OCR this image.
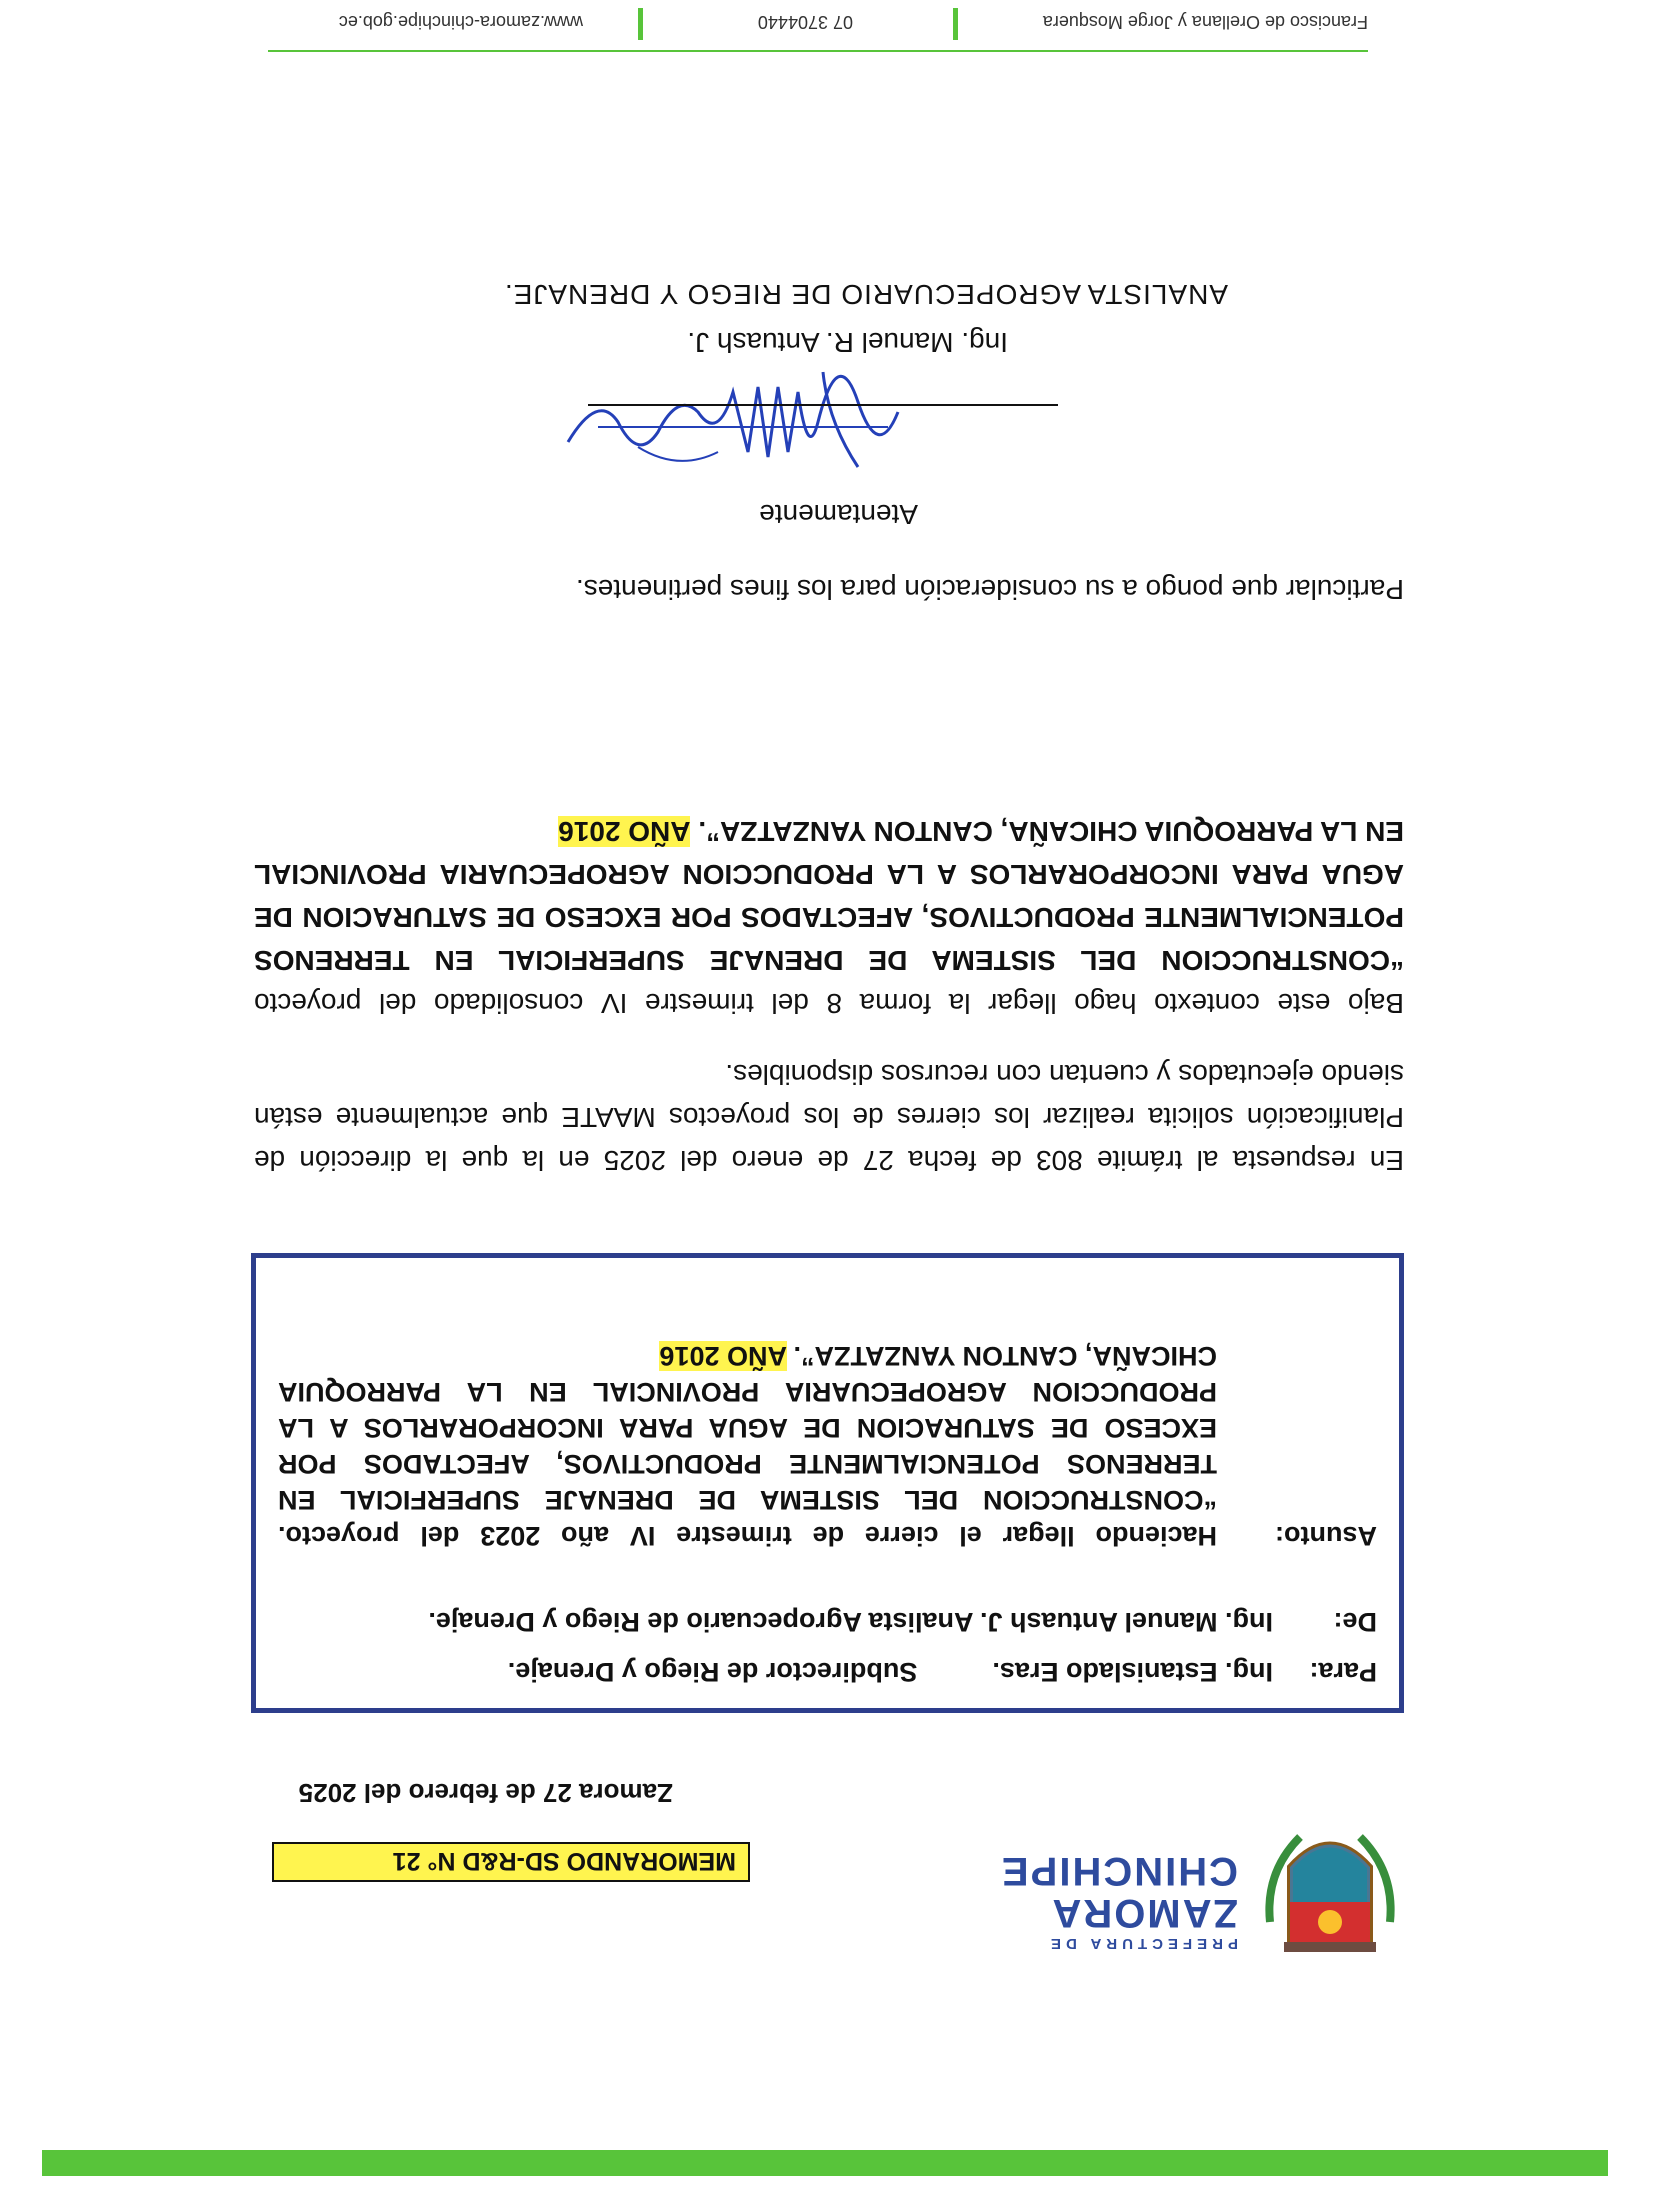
PREFECTURA DE
ZAMORA
CHINCHIPE
MEMORANDO SD-R&D N° 21
Zamora 27 de febrero del 2025
Para:
Ing. Estanislado Eras.          Subdirector de Riego y Drenaje.
De:
Ing. Manuel Antuash J. Analista Agropecuario de Riego y Drenaje.
Asunto:
Haciendo llegar el cierre de trimestre IV año 2023 del proyecto. “CONSTRUCCION DEL SISTEMA DE DRENAJE SUPERFICIAL EN TERRENOS POTENCIALMENTE PRODUCTIVOS, AFECTADOS POR EXCESO DE SATURACION DE AGUA PARA INCORPORARLOS A LA PRODUCCION AGROPECUARIA PROVINCIAL EN LA PARROQUIA CHICAÑA, CANTON YANZATZA”. AÑO 2016
En respuesta al trámite 803 de fecha 27 de enero del 2025 en la que la dirección de Planificación solicita realizar los cierres de los proyectos MAATE que actualmente están siendo ejecutados y cuentan con recursos disponibles.
Bajo este contexto hago llegar la forma 8 del trimestre IV consolidado del proyecto “CONSTRUCCION DEL SISTEMA DE DRENAJE SUPERFICIAL EN TERRENOS POTENCIALMENTE PRODUCTIVOS, AFECTADOS POR EXCESO DE SATURACION DE AGUA PARA INCORPORARLOS A LA PRODUCCION AGROPECUARIA PROVINCIAL EN LA PARROQUIA CHICAÑA, CANTON YANZATZA”. AÑO 2016
Particular que pongo a su consideración para los fines pertinentes.
Atentamente
Ing. Manuel R. Antuash J.
ANALISTA AGROPECUARIO DE RIEGO Y DRENAJE.
Francisco de Orellana y Jorge Mosquera
07 3704440
www.zamora-chinchipe.gob.ec
